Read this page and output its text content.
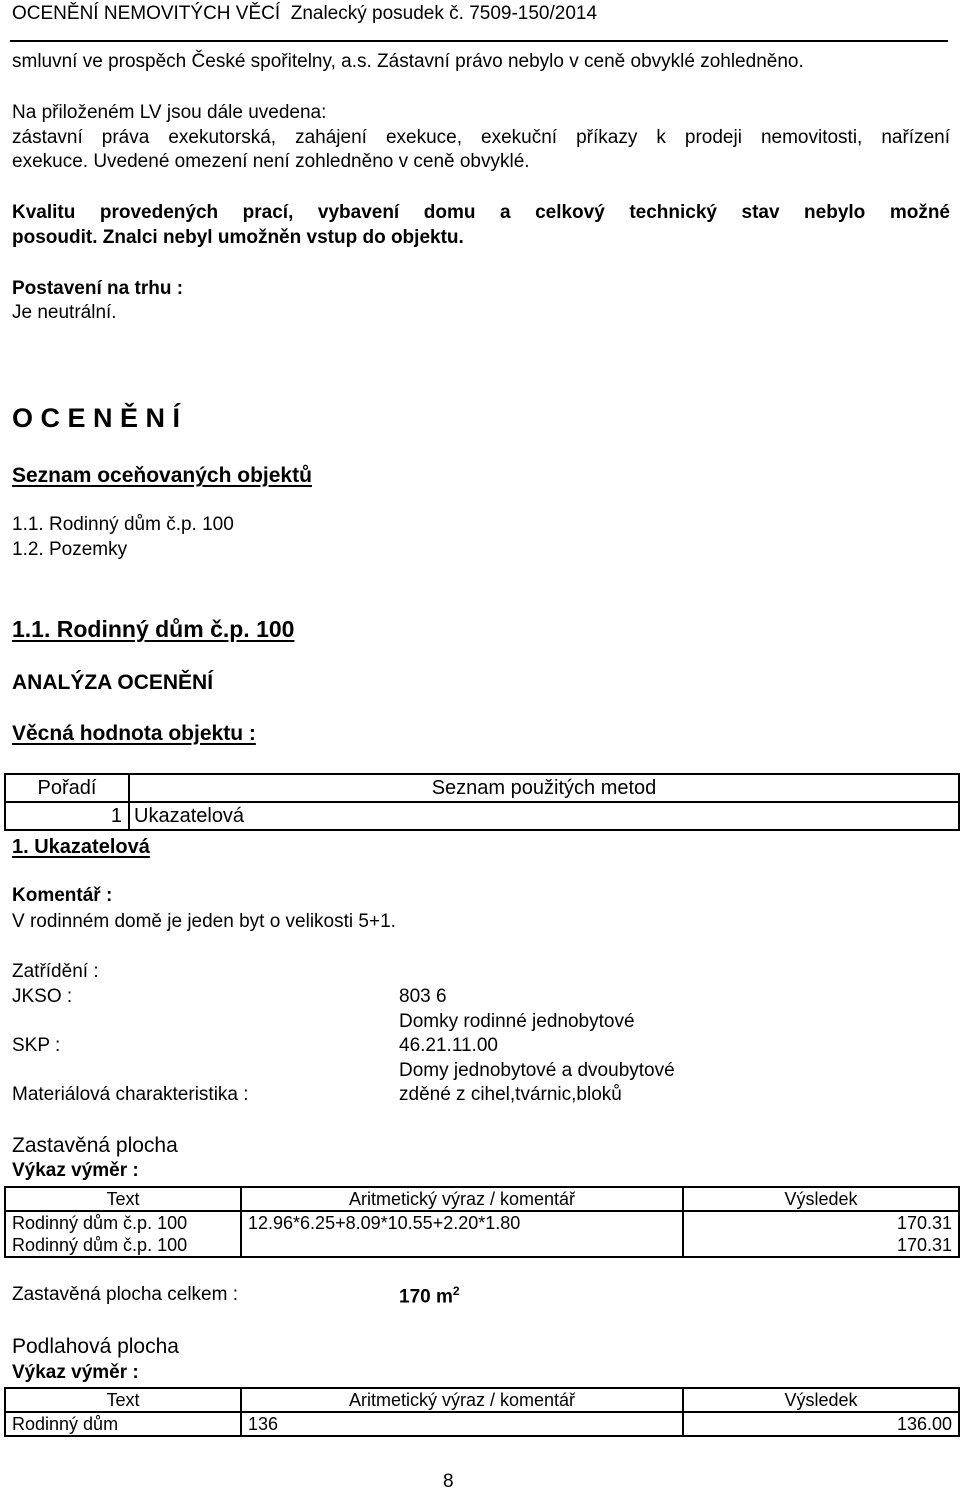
OCENĚNÍ NEMOVITÝCH VĚCÍ Znalecký posudek č. 7509-150/2014
smluvní ve prospěch České spořitelny, a.s. Zástavní právo nebylo v ceně obvyklé zohledněno.
Na přiloženém LV jsou dále uvedena:
zástavní práva exekutorská, zahájení exekuce, exekuční příkazy k prodeji nemovitosti, nařízení
exekuce. Uvedené omezení není zohledněno v ceně obvyklé.
Kvalitu provedených prací, vybavení domu a celkový technický stav nebylo možné
posoudit. Znalci nebyl umožněn vstup do objektu.
Postavení na trhu :
Je neutrální.
O C E N Ě N Í
Seznam oceňovaných objektů
1.1. Rodinný dům č.p. 100
1.2. Pozemky
1.1. Rodinný dům č.p. 100
ANALÝZA OCENĚNÍ
Věcná hodnota objektu :
Pořadí	Seznam použitých metod
1	Ukazatelová
1. Ukazatelová
Komentář :
V rodinném domě je jeden byt o velikosti 5+1.
Zatřídění :
JKSO :	803 6
Domky rodinné jednobytové
SKP :	46.21.11.00
Domy jednobytové a dvoubytové
Materiálová charakteristika :	zděné z cihel,tvárnic,bloků
Zastavěná plocha
Výkaz výměr :
Text	Aritmetický výraz / komentář	Výsledek
Rodinný dům č.p. 100	12.96*6.25+8.09*10.55+2.20*1.80	170.31
Rodinný dům č.p. 100		170.31
Zastavěná plocha celkem :	170 $m^2$
Podlahová plocha
Výkaz výměr :
Text	Aritmetický výraz / komentář	Výsledek
Rodinný dům	136	136.00
8
